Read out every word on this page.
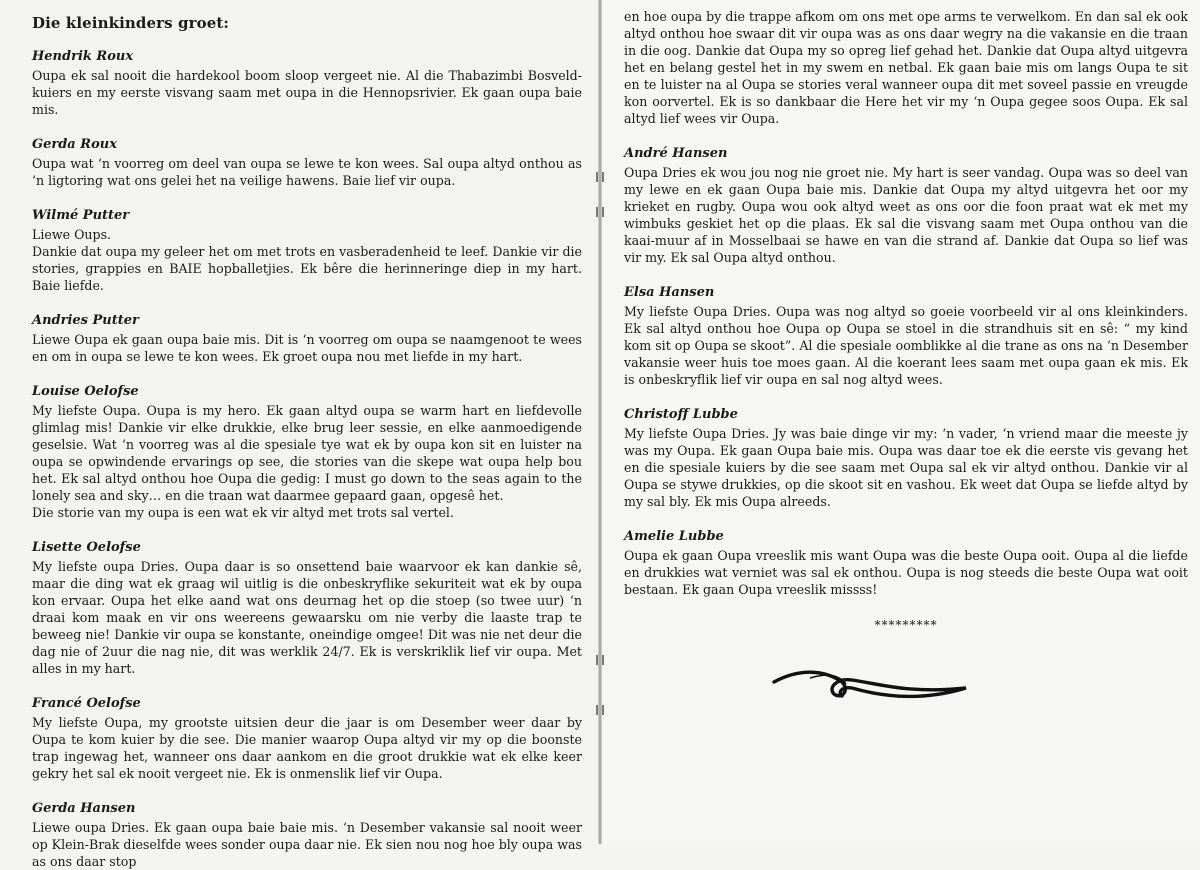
Die kleinkinders groet:
Hendrik Roux

Oupa ek sal nooit die hardekool boom sloop vergeet nie. Al die Thabazimbi Bosveld-kuiers en my eerste visvang saam met oupa in die Hennopsrivier. Ek gaan oupa baie mis.

Gerda Roux

Oupa wat ‘n voorreg om deel van oupa se lewe te kon wees. Sal oupa altyd onthou as ‘n ligtoring wat ons gelei het na veilige hawens. Baie lief vir oupa.

Wilmé Putter

Liewe Oups.

Dankie dat oupa my geleer het om met trots en vasberadenheid te leef. Dankie vir die stories, grappies en BAIE hopballetjies. Ek bêre die herinneringe diep in my hart. Baie liefde.

Andries Putter

Liewe Oupa ek gaan oupa baie mis. Dit is ‘n voorreg om oupa se naamgenoot te wees en om in oupa se lewe te kon wees. Ek groet oupa nou met liefde in my hart.

Louise Oelofse

My liefste Oupa. Oupa is my hero. Ek gaan altyd oupa se warm hart en liefdevolle glimlag mis! Dankie vir elke drukkie, elke brug leer sessie, en elke aanmoedigende geselsie. Wat ‘n voorreg was al die spesiale tye wat ek by oupa kon sit en luister na oupa se opwindende ervarings op see, die stories van die skepe wat oupa help bou het. Ek sal altyd onthou hoe Oupa die gedig: I must go down to the seas again to the lonely sea and sky… en die traan wat daarmee gepaard gaan, opgesê het.

Die storie van my oupa is een wat ek vir altyd met trots sal vertel.

Lisette Oelofse

My liefste oupa Dries. Oupa daar is so onsettend baie waarvoor ek kan dankie sê, maar die ding wat ek graag wil uitlig is die onbeskryflike sekuriteit wat ek by oupa kon ervaar. Oupa het elke aand wat ons deurnag het op die stoep (so twee uur) ‘n draai kom maak en vir ons weereens gewaarsku om nie verby die laaste trap te beweeg nie! Dankie vir oupa se konstante, oneindige omgee! Dit was nie net deur die dag nie of 2uur die nag nie, dit was werklik 24/7. Ek is verskriklik lief vir oupa. Met alles in my hart.

Francé Oelofse

My liefste Oupa, my grootste uitsien deur die jaar is om Desember weer daar by Oupa te kom kuier by die see. Die manier waarop Oupa altyd vir my op die boonste trap ingewag het, wanneer ons daar aankom en die groot drukkie wat ek elke keer gekry het sal ek nooit vergeet nie. Ek is onmenslik lief vir Oupa.

Gerda Hansen

Liewe oupa Dries. Ek gaan oupa baie baie mis. ‘n Desember vakansie sal nooit weer op Klein-Brak dieselfde wees sonder oupa daar nie. Ek sien nou nog hoe bly oupa was as ons daar stop

en hoe oupa by die trappe afkom om ons met ope arms te verwelkom. En dan sal ek ook altyd onthou hoe swaar dit vir oupa was as ons daar wegry na die vakansie en die traan in die oog. Dankie dat Oupa my so opreg lief gehad het. Dankie dat Oupa altyd uitgevra het en belang gestel het in my swem en netbal. Ek gaan baie mis om langs Oupa te sit en te luister na al Oupa se stories veral wanneer oupa dit met soveel passie en vreugde kon oorvertel. Ek is so dankbaar die Here het vir my ‘n Oupa gegee soos Oupa. Ek sal altyd lief wees vir Oupa.

André Hansen

Oupa Dries ek wou jou nog nie groet nie. My hart is seer vandag. Oupa was so deel van my lewe en ek gaan Oupa baie mis. Dankie dat Oupa my altyd uitgevra het oor my krieket en rugby. Oupa wou ook altyd weet as ons oor die foon praat wat ek met my wimbuks geskiet het op die plaas. Ek sal die visvang saam met Oupa onthou van die kaai-muur af in Mosselbaai se hawe en van die strand af. Dankie dat Oupa so lief was vir my. Ek sal Oupa altyd onthou.

Elsa Hansen

My liefste Oupa Dries. Oupa was nog altyd so goeie voorbeeld vir al ons kleinkinders. Ek sal altyd onthou hoe Oupa op Oupa se stoel in die strandhuis sit en sê: “ my kind kom sit op Oupa se skoot”. Al die spesiale oomblikke al die trane as ons na ‘n Desember vakansie weer huis toe moes gaan. Al die koerant lees saam met oupa gaan ek mis. Ek is onbeskryflik lief vir oupa en sal nog altyd wees.

Christoff Lubbe

My liefste Oupa Dries. Jy was baie dinge vir my: ‘n vader, ‘n vriend maar die meeste jy was my Oupa. Ek gaan Oupa baie mis. Oupa was daar toe ek die eerste vis gevang het en die spesiale kuiers by die see saam met Oupa sal ek vir altyd onthou. Dankie vir al Oupa se stywe drukkies, op die skoot sit en vashou. Ek weet dat Oupa se liefde altyd by my sal bly. Ek mis Oupa alreeds.

Amelie Lubbe

Oupa ek gaan Oupa vreeslik mis want Oupa was die beste Oupa ooit. Oupa al die liefde en drukkies wat verniet was sal ek onthou. Oupa is nog steeds die beste Oupa wat ooit bestaan. Ek gaan Oupa vreeslik missss!

*********
